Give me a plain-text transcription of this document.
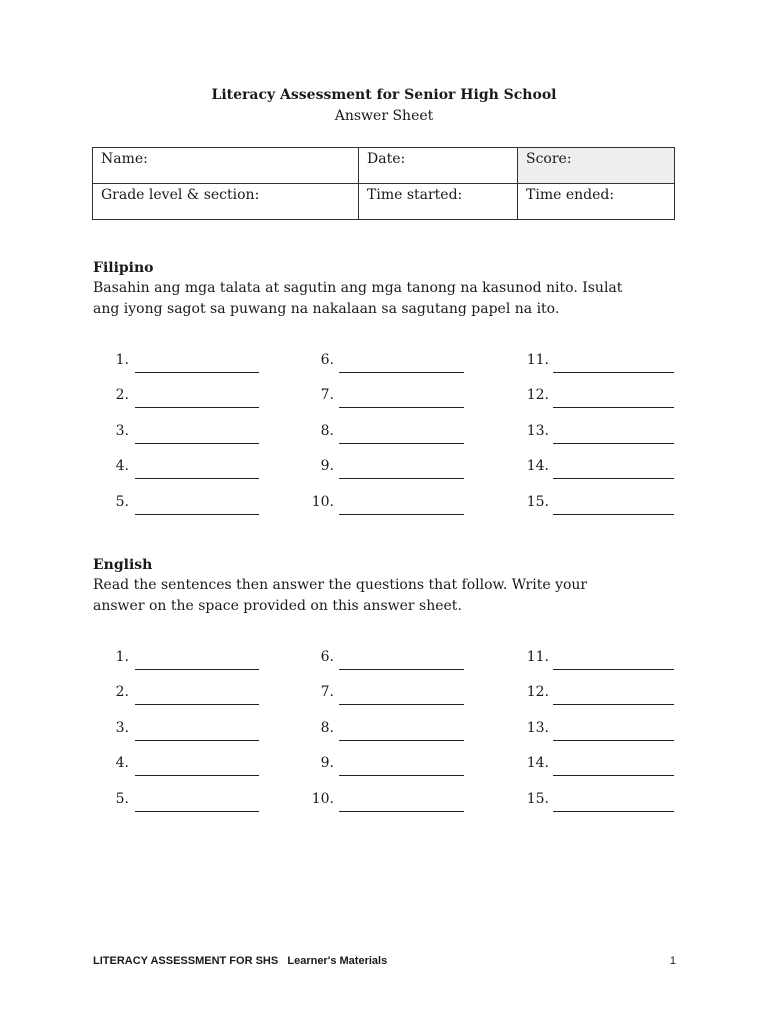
Literacy Assessment for Senior High School
Answer Sheet
Name:	Date:	Score:
Grade level & section:	Time started:	Time ended:
Filipino
Basahin ang mga talata at sagutin ang mga tanong na kasunod nito. Isulat
ang iyong sagot sa puwang na nakalaan sa sagutang papel na ito.
1.
2.
3.
4.
5.
6.
7.
8.
9.
10.
11.
12.
13.
14.
15.
English
Read the sentences then answer the questions that follow. Write your
answer on the space provided on this answer sheet.
1.
2.
3.
4.
5.
6.
7.
8.
9.
10.
11.
12.
13.
14.
15.
LITERACY ASSESSMENT FOR SHS   Learner's Materials	1
